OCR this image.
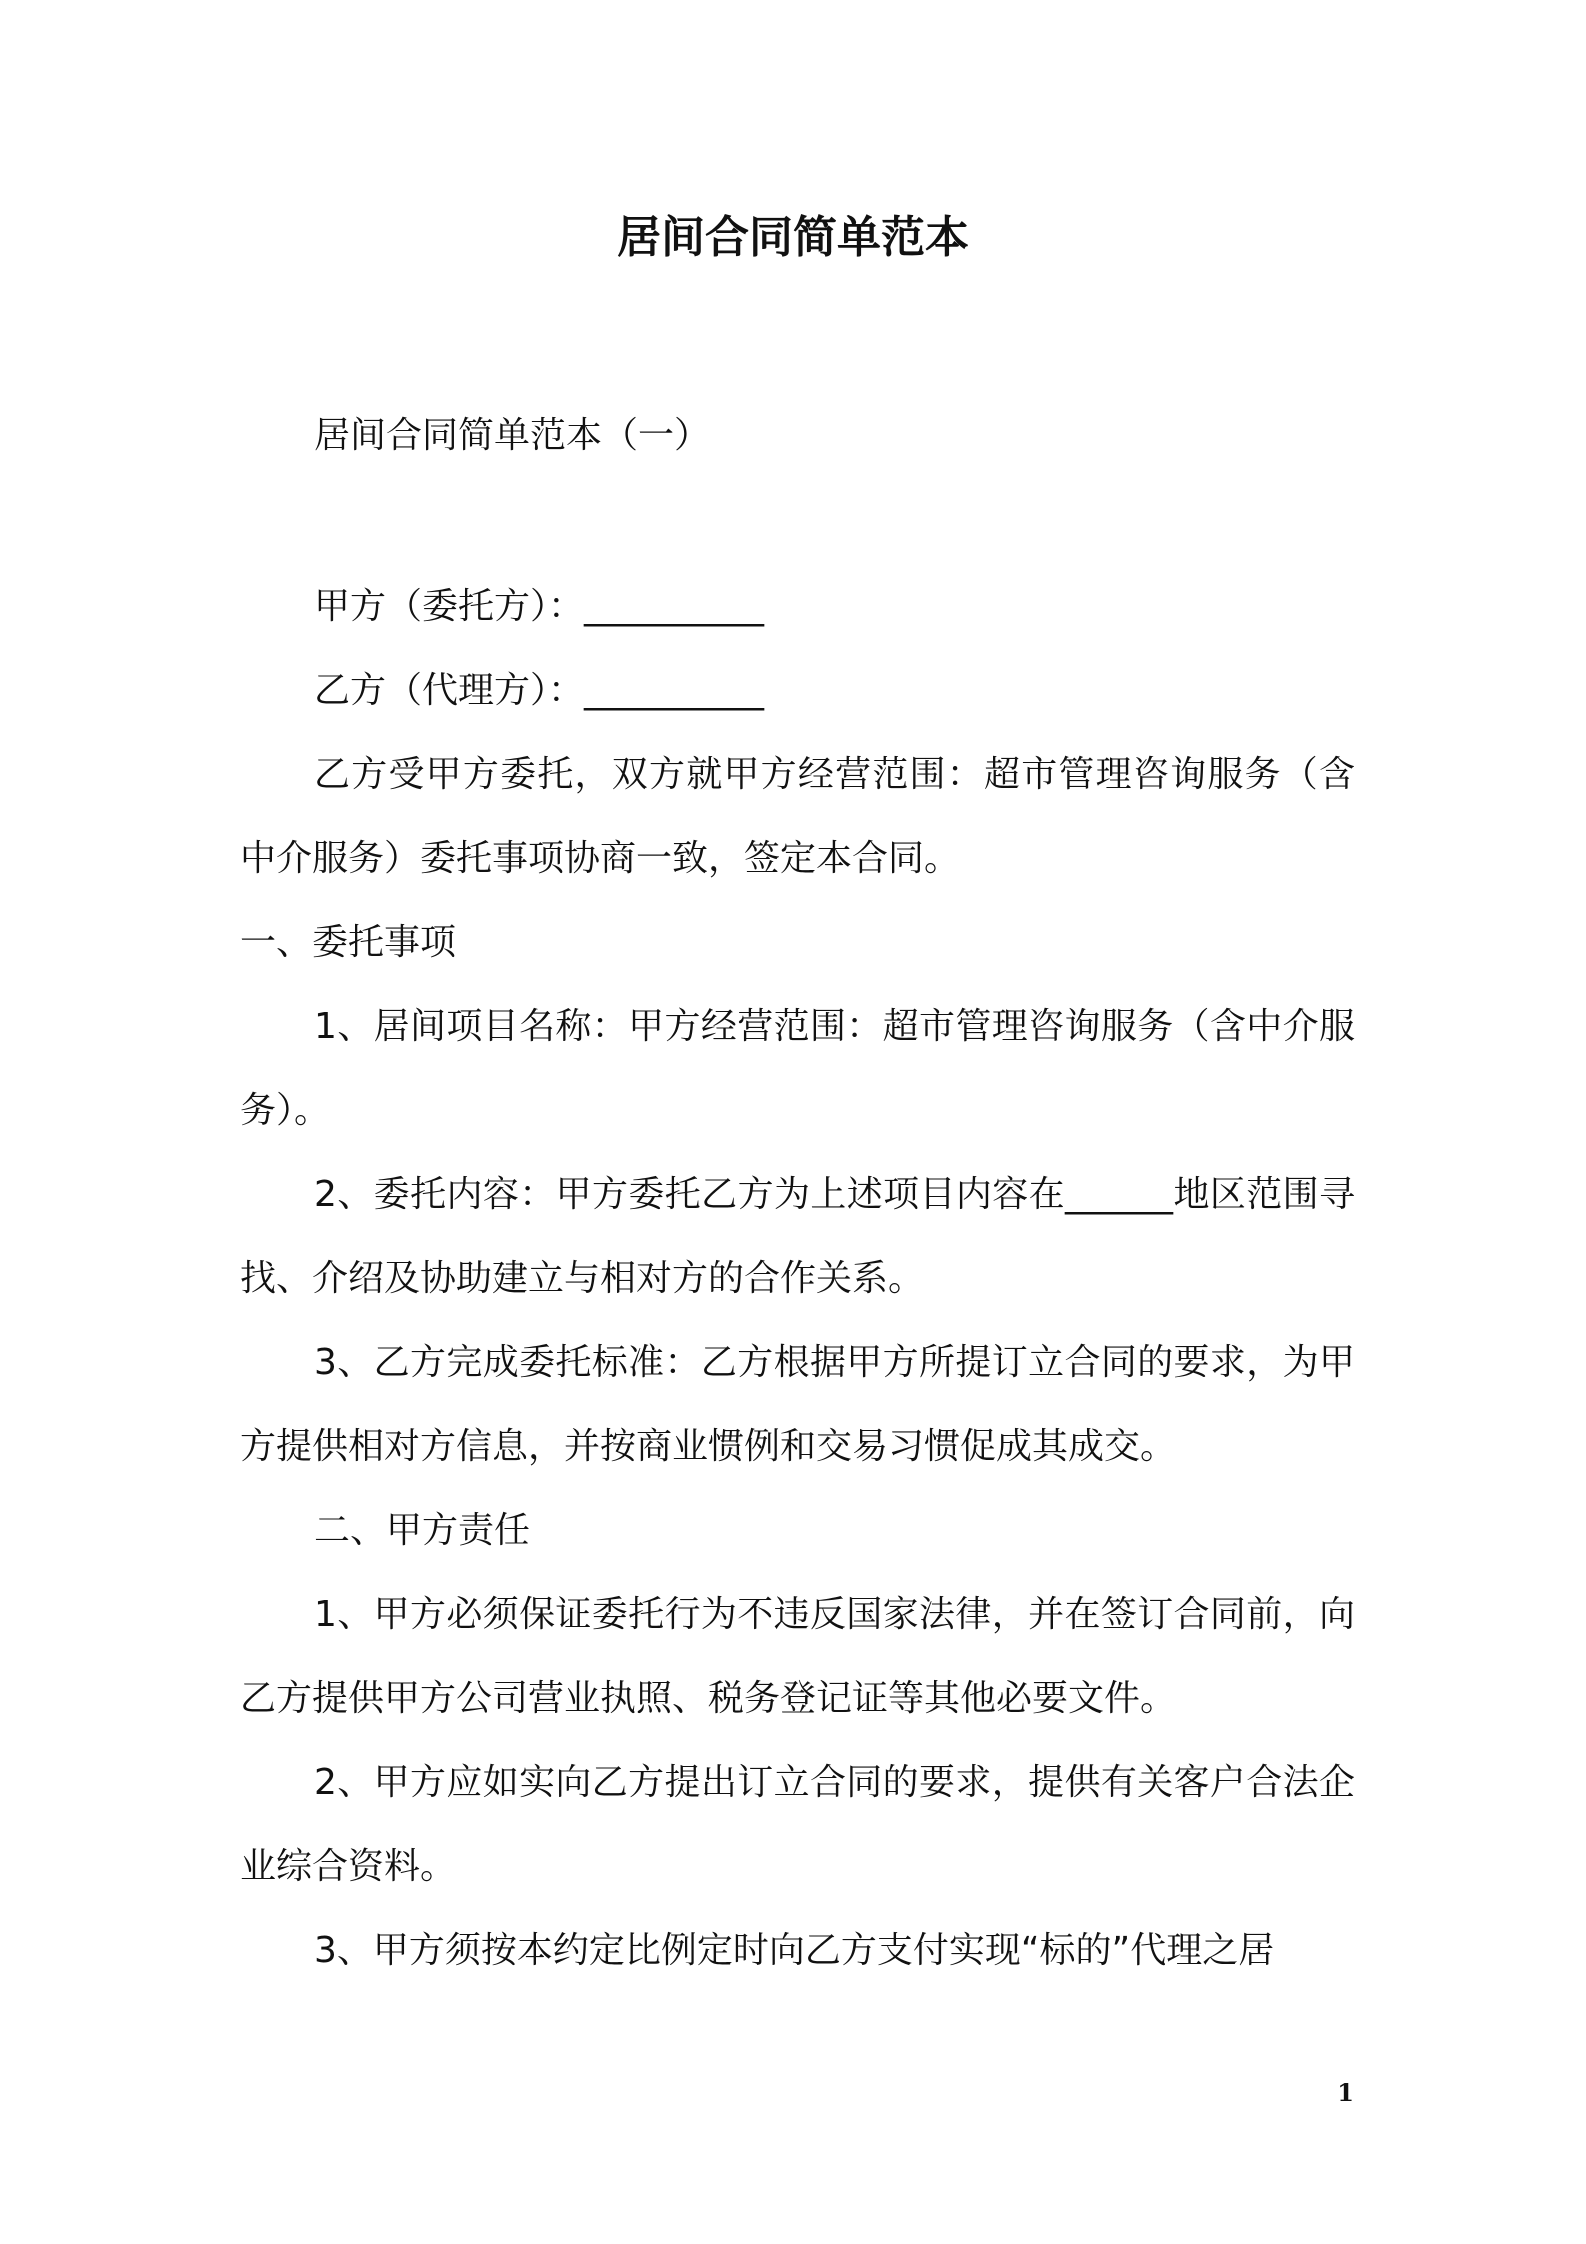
居间合同简单范本

居间合同简单范本（一）

甲方（委托方）：__________

乙方（代理方）：__________

乙方受甲方委托，双方就甲方经营范围：超市管理咨询服务（含中介服务）委托事项协商一致，签定本合同。

一、委托事项

1、居间项目名称：甲方经营范围：超市管理咨询服务（含中介服务）。

2、委托内容：甲方委托乙方为上述项目内容在______地区范围寻找、介绍及协助建立与相对方的合作关系。

3、乙方完成委托标准：乙方根据甲方所提订立合同的要求，为甲方提供相对方信息，并按商业惯例和交易习惯促成其成交。

二、甲方责任

1、甲方必须保证委托行为不违反国家法律，并在签订合同前，向乙方提供甲方公司营业执照、税务登记证等其他必要文件。

2、甲方应如实向乙方提出订立合同的要求，提供有关客户合法企业综合资料。

3、甲方须按本约定比例定时向乙方支付实现“标的”代理之居

1
